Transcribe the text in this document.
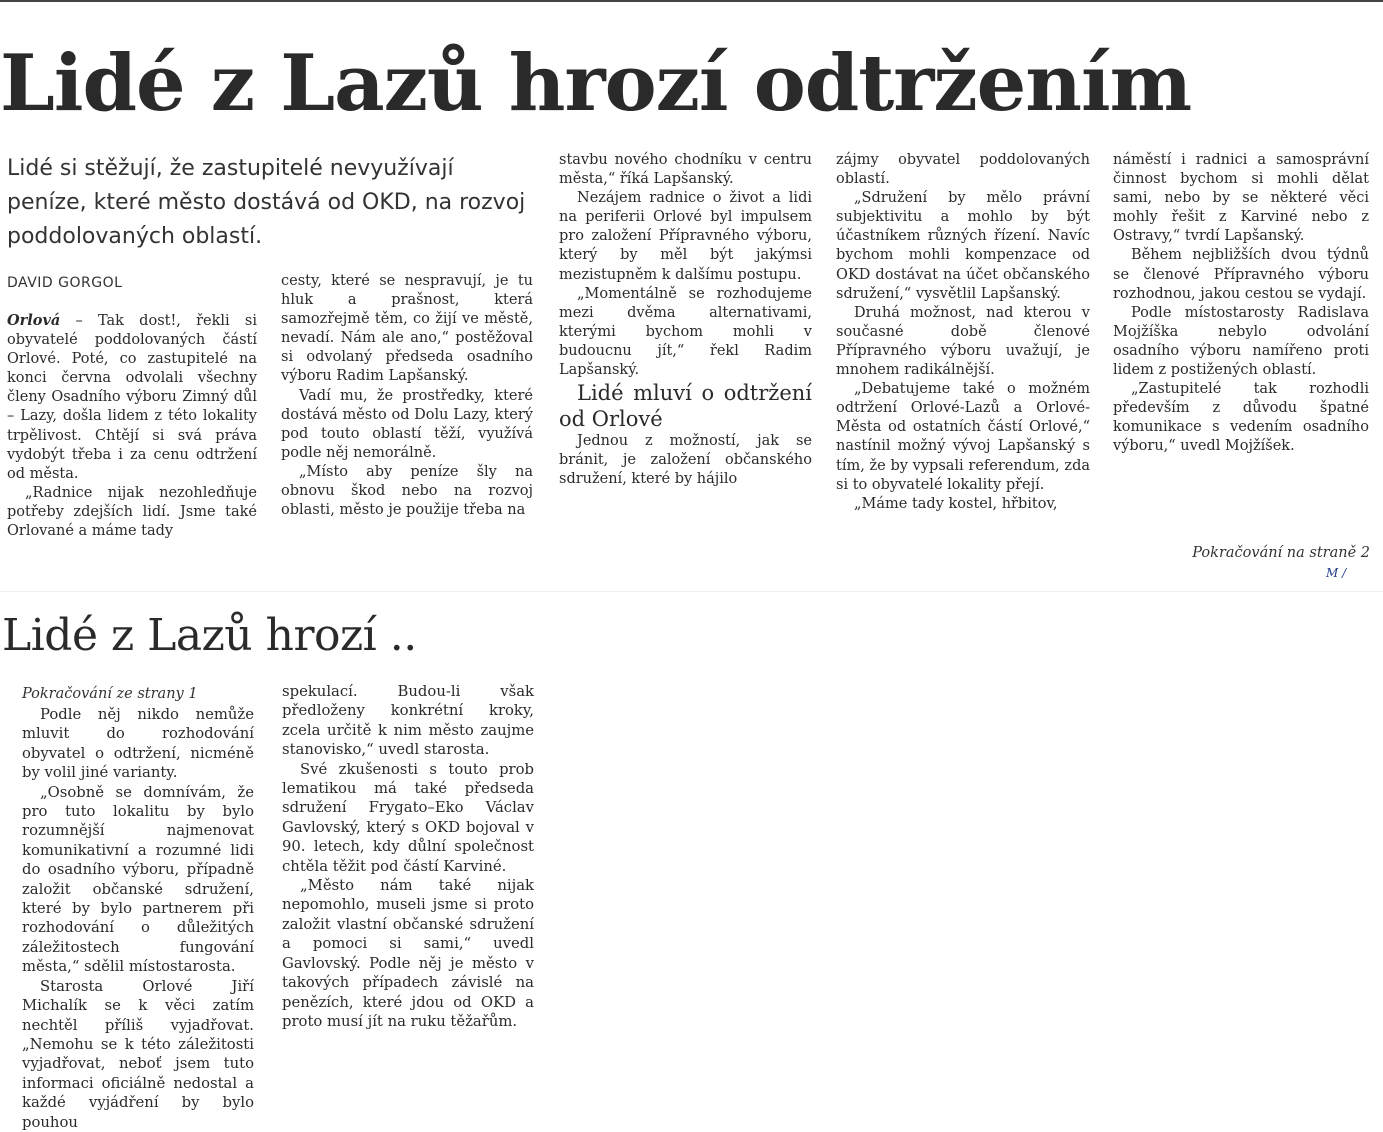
Lidé z Lazů hrozí odtržením

Lidé si stěžují, že zastupitelé nevyužívají peníze, které město dostává od OKD, na rozvoj poddolovaných oblastí.

DAVID GORGOL

Orlová – Tak dost!, řekli si obyvatelé poddolovaných částí Orlové. Poté, co zastupitelé na konci června odvolali všechny členy Osadního výboru Zimný důl – Lazy, došla lidem z této lokality trpělivost. Chtějí si svá práva vydobýt třeba i za cenu odtržení od města.

„Radnice nijak nezohledňuje potřeby zdejších lidí. Jsme také Orlované a máme tady

cesty, které se nespravují, je tu hluk a prašnost, která samozřejmě těm, co žijí ve městě, nevadí. Nám ale ano,“ postěžoval si odvolaný předseda osadního výboru Radim Lapšanský.

Vadí mu, že prostředky, které dostává město od Dolu Lazy, který pod touto oblastí těží, využívá podle něj nemorálně.

„Místo aby peníze šly na obnovu škod nebo na rozvoj oblasti, město je použije třeba na

stavbu nového chodníku v centru města,“ říká Lapšanský.

Nezájem radnice o život a lidi na periferii Orlové byl impulsem pro založení Přípravného výboru, který by měl být jakýmsi mezistupněm k dalšímu postupu.

„Momentálně se rozhodujeme mezi dvěma alternativami, kterými bychom mohli v budoucnu jít,“ řekl Radim Lapšanský.

Lidé mluví o odtržení od Orlové

Jednou z možností, jak se bránit, je založení občanského sdružení, které by hájilo

zájmy obyvatel poddolovaných oblastí.

„Sdružení by mělo právní subjektivitu a mohlo by být účastníkem různých řízení. Navíc bychom mohli kompenzace od OKD dostávat na účet občanského sdružení,“ vysvětlil Lapšanský.

Druhá možnost, nad kterou v současné době členové Přípravného výboru uvažují, je mnohem radikálnější.

„Debatujeme také o možném odtržení Orlové-Lazů a Orlové-Města od ostatních částí Orlové,“ nastínil možný vývoj Lapšanský s tím, že by vypsali referendum, zda si to obyvatelé lokality přejí.

„Máme tady kostel, hřbitov,

náměstí i radnici a samosprávní činnost bychom si mohli dělat sami, nebo by se některé věci mohly řešit z Karviné nebo z Ostravy,“ tvrdí Lapšanský.

Během nejbližších dvou týdnů se členové Přípravného výboru rozhodnou, jakou cestou se vydají.

Podle místostarosty Radislava Mojžíška nebylo odvolání osadního výboru namířeno proti lidem z postižených oblastí.

„Zastupitelé tak rozhodli především z důvodu špatné komunikace s vedením osadního výboru,“ uvedl Mojžíšek.

Pokračování na straně 2

M /
Lidé z Lazů hrozí ..

Pokračování ze strany 1

Podle něj nikdo nemůže mluvit do rozhodování obyvatel o odtržení, nicméně by volil jiné varianty.

„Osobně se domnívám, že pro tuto lokalitu by bylo rozumnější najmenovat komunikativní a rozumné lidi do osadního výboru, případně založit občanské sdružení, které by bylo partnerem při rozhodování o důležitých záležitostech fungování města,“ sdělil místostarosta.

Starosta Orlové Jiří Michalík se k věci zatím nechtěl příliš vyjadřovat. „Nemohu se k této záležitosti vyjadřovat, neboť jsem tuto informaci oficiálně nedostal a každé vyjádření by bylo pouhou

spekulací. Budou-li však předloženy konkrétní kroky, zcela určitě k nim město zaujme stanovisko,“ uvedl starosta.

Své zkušenosti s touto prob lematikou má také předseda sdružení Frygato–Eko Václav Gavlovský, který s OKD bojoval v 90. letech, kdy důlní společnost chtěla těžit pod částí Karviné.

„Město nám také nijak nepomohlo, museli jsme si proto založit vlastní občanské sdružení a pomoci si sami,“ uvedl Gavlovský. Podle něj je město v takových případech závislé na penězích, které jdou od OKD a proto musí jít na ruku těžařům.
